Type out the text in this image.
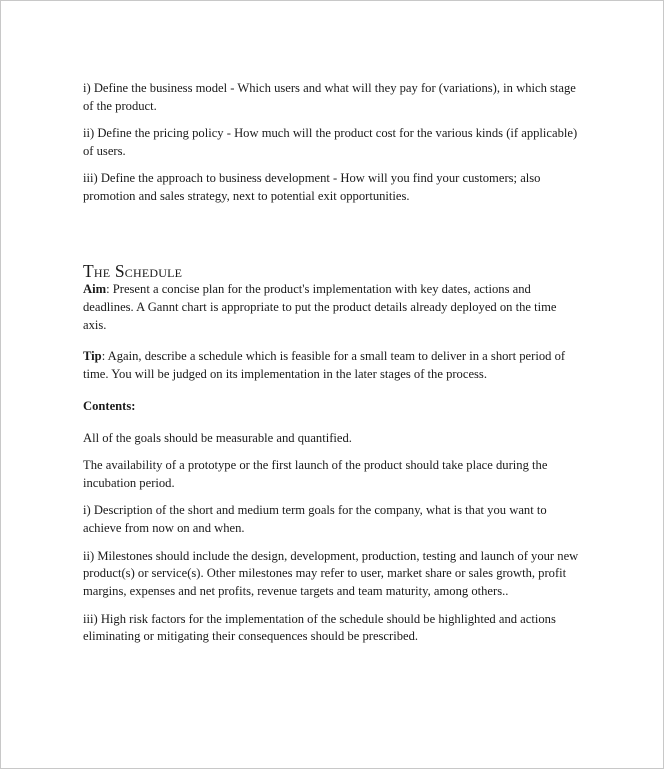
i) Define the business model - Which users and what will they pay for (variations), in which stage of the product.

ii) Define the pricing policy - How much will the product cost for the various kinds (if applicable) of users.

iii) Define the approach to business development - How will you find your customers; also promotion and sales strategy, next to potential exit opportunities.

The Schedule

Aim: Present a concise plan for the product's implementation with key dates, actions and deadlines. A Gannt chart is appropriate to put the product details already deployed on the time axis.

Tip: Again, describe a schedule which is feasible for a small team to deliver in a short period of time. You will be judged on its implementation in the later stages of the process.

Contents:

All of the goals should be measurable and quantified.

The availability of a prototype or the first launch of the product should take place during the incubation period.

i) Description of the short and medium term goals for the company, what is that you want to achieve from now on and when.

ii) Milestones should include the design, development, production, testing and launch of your new product(s) or service(s). Other milestones may refer to user, market share or sales growth, profit margins, expenses and net profits, revenue targets and team maturity, among others..

iii) High risk factors for the implementation of the schedule should be highlighted and actions eliminating or mitigating their consequences should be prescribed.
